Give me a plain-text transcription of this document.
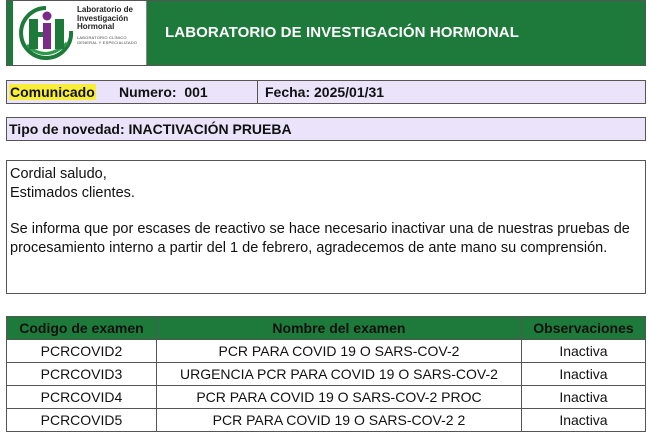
Laboratorio de
Investigación
Hormonal
LABORATORIO CLÍNICO GENERAL Y ESPECIALIZADO
LABORATORIO DE INVESTIGACIÓN HORMONAL
Comunicado Numero:  001	Fecha: 2025/01/31
Tipo de novedad: INACTIVACIÓN PRUEBA

Cordial saludo,

Estimados clientes.

Se informa que por escases de reactivo se hace necesario inactivar una de nuestras pruebas de procesamiento interno a partir del 1 de febrero, agradecemos de ante mano su comprensión.

Codigo de examen	Nombre del examen	Observaciones
PCRCOVID2	PCR PARA COVID 19 O SARS-COV-2	Inactiva
PCRCOVID3	URGENCIA PCR PARA COVID 19 O SARS-COV-2	Inactiva
PCRCOVID4	PCR PARA COVID 19 O SARS-COV-2 PROC	Inactiva
PCRCOVID5	PCR PARA COVID 19 O SARS-COV-2 2	Inactiva
